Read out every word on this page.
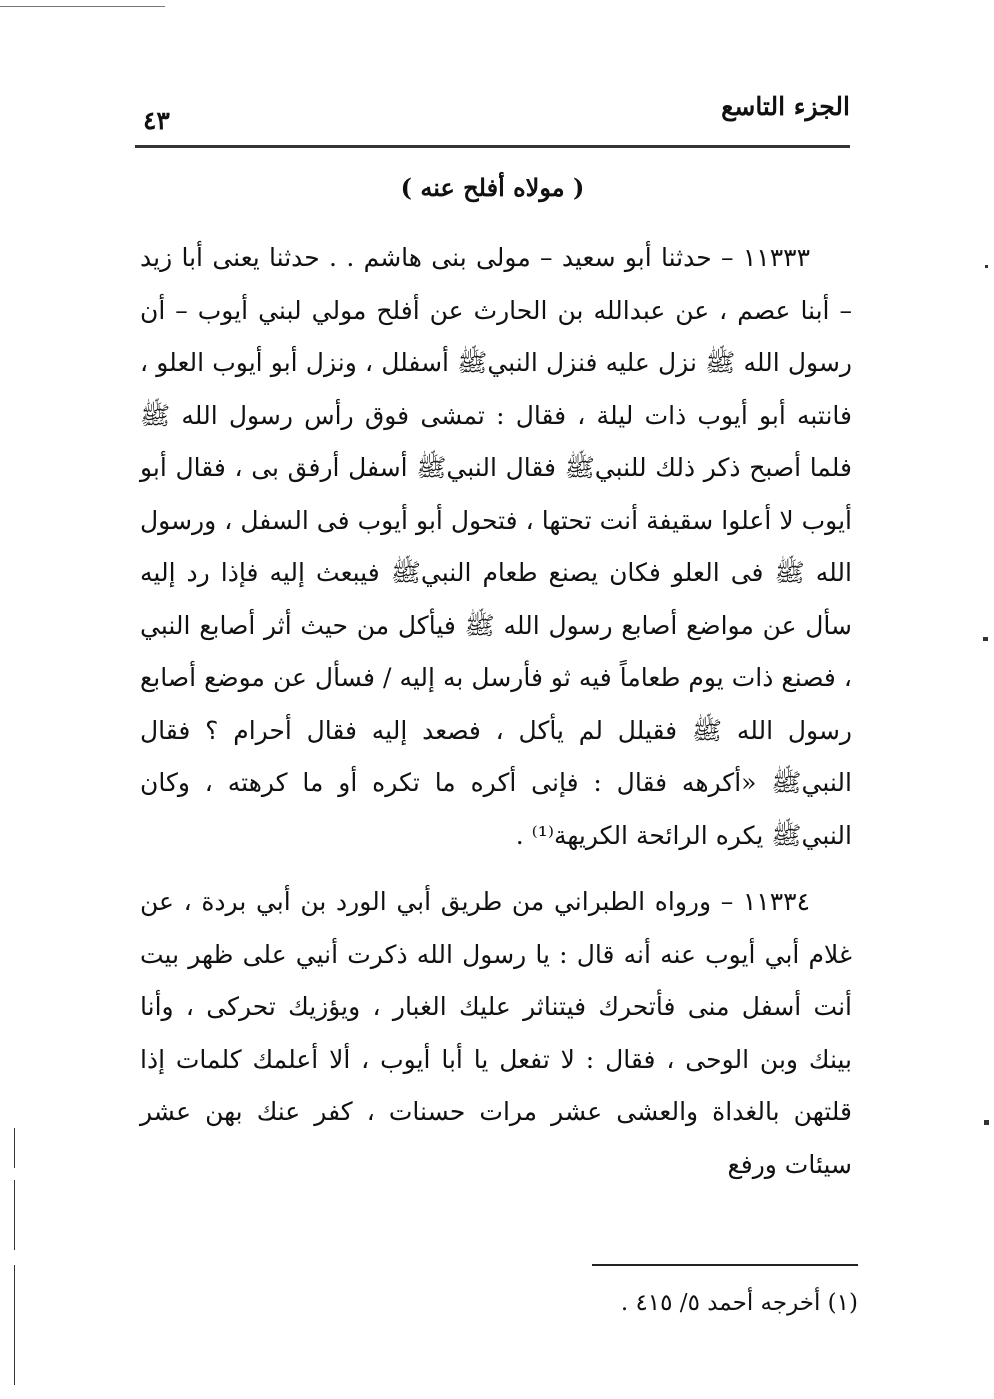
الجزء التاسع
٤٣
( مولاه أفلح عنه )

١١٣٣٣ – حدثنا أبو سعيد – مولى بنى هاشم . . حدثنا يعنى أبا زيد – أبنا عصم ، عن عبدالله بن الحارث عن أفلح مولي لبني أيوب – أن رسول الله ﷺ نزل عليه فنزل النبيﷺ أسفلل ، ونزل أبو أيوب العلو ، فانتبه أبو أيوب ذات ليلة ، فقال : تمشى فوق رأس رسول الله ﷺ فلما أصبح ذكر ذلك للنبيﷺ فقال النبيﷺ أسفل أرفق بى ، فقال أبو أيوب لا أعلوا سقيفة أنت تحتها ، فتحول أبو أيوب فى السفل ، ورسول الله ﷺ فى العلو فكان يصنع طعام النبيﷺ فيبعث إليه فإذا رد إليه سأل عن مواضع أصابع رسول الله ﷺ فيأكل من حيث أثر أصابع النبي ، فصنع ذات يوم طعاماً فيه ثو فأرسل به إليه / فسأل عن موضع أصابع رسول الله ﷺ فقيلل لم يأكل ، فصعد إليه فقال أحرام ؟ فقال النبيﷺ «أكرهه فقال : فإنى أكره ما تكره أو ما كرهته ، وكان النبيﷺ يكره الرائحة الكريهة⁽¹⁾ .

١١٣٣٤ – ورواه الطبراني من طريق أبي الورد بن أبي بردة ، عن غلام أبي أيوب عنه أنه قال : يا رسول الله ذكرت أنيي على ظهر بيت أنت أسفل منى فأتحرك فيتناثر عليك الغبار ، ويؤزيك تحركى ، وأنا بينك وبن الوحى ، فقال : لا تفعل يا أبا أيوب ، ألا أعلمك كلمات إذا قلتهن بالغداة والعشى عشر مرات حسنات ، كفر عنك بهن عشر سيئات ورفع

(١) أخرجه أحمد ٥/ ٤١٥ .
